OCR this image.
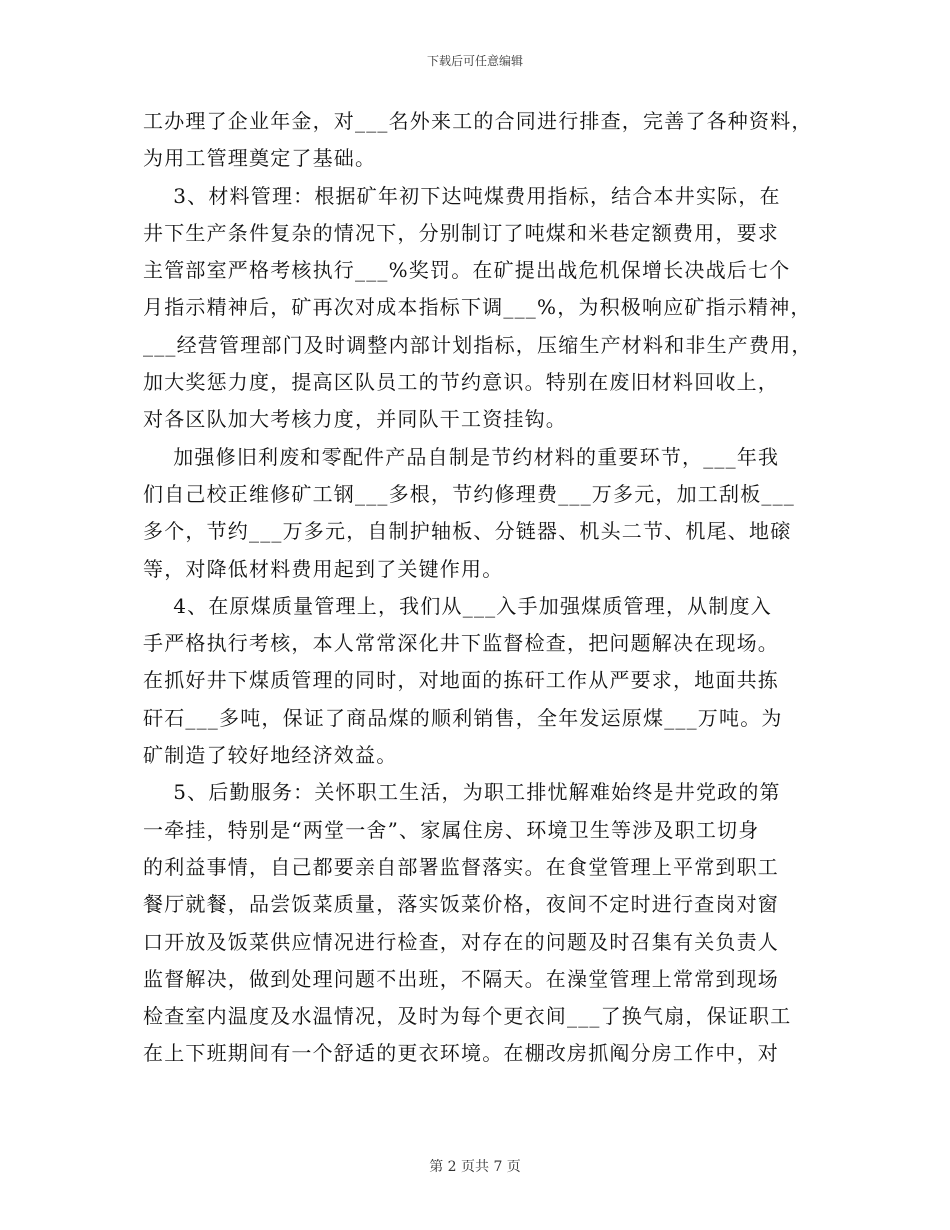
下载后可任意编辑
工办理了企业年金，对___名外来工的合同进行排查，完善了各种资料，
为用工管理奠定了基础。
3、材料管理：根据矿年初下达吨煤费用指标，结合本井实际，在
井下生产条件复杂的情况下，分别制订了吨煤和米巷定额费用，要求
主管部室严格考核执行___%奖罚。在矿提出战危机保增长决战后七个
月指示精神后，矿再次对成本指标下调___%，为积极响应矿指示精神，
___经营管理部门及时调整内部计划指标，压缩生产材料和非生产费用，
加大奖惩力度，提高区队员工的节约意识。特别在废旧材料回收上，
对各区队加大考核力度，并同队干工资挂钩。
加强修旧利废和零配件产品自制是节约材料的重要环节，___年我
们自己校正维修矿工钢___多根，节约修理费___万多元，加工刮板___
多个，节约___万多元，自制护轴板、分链器、机头二节、机尾、地磙
等，对降低材料费用起到了关键作用。
4、在原煤质量管理上，我们从___入手加强煤质管理，从制度入
手严格执行考核，本人常常深化井下监督检查，把问题解决在现场。
在抓好井下煤质管理的同时，对地面的拣矸工作从严要求，地面共拣
矸石___多吨，保证了商品煤的顺利销售，全年发运原煤___万吨。为
矿制造了较好地经济效益。
5、后勤服务：关怀职工生活，为职工排忧解难始终是井党政的第
一牵挂，特别是“两堂一舍”、家属住房、环境卫生等涉及职工切身
的利益事情，自己都要亲自部署监督落实。在食堂管理上平常到职工
餐厅就餐，品尝饭菜质量，落实饭菜价格，夜间不定时进行查岗对窗
口开放及饭菜供应情况进行检查，对存在的问题及时召集有关负责人
监督解决，做到处理问题不出班，不隔天。在澡堂管理上常常到现场
检查室内温度及水温情况，及时为每个更衣间___了换气扇，保证职工
在上下班期间有一个舒适的更衣环境。在棚改房抓阄分房工作中，对
第 2 页共 7 页
